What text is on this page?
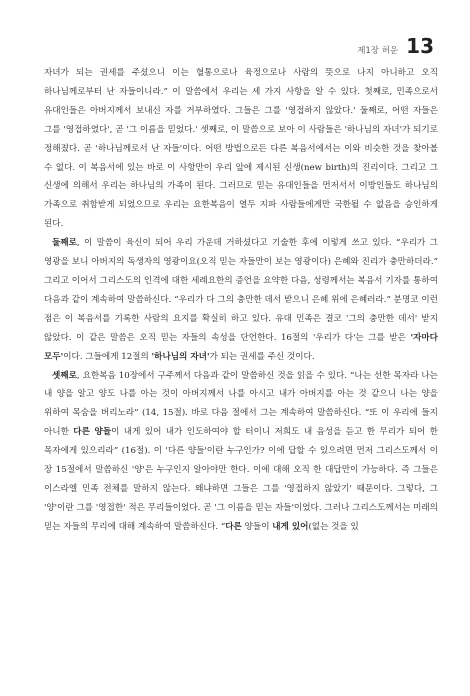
제1장 허운 13

자녀가 되는 권세를 주셨으니 이는 혈통으로나 육정으로나 사람의 뜻으로 나지 아니하고 오직 하나님께로부터 난 자들이니라.” 이 말씀에서 우리는 세 가지 사항을 알 수 있다. 첫째로, 민족으로서 유대인들은 아버지께서 보내신 자를 거부하였다. 그들은 그를 '영접하지 않았다.' 둘째로, 어떤 자들은 그를 '영접하였다', 곧 '그 이름을 믿었다.' 셋째로, 이 말씀으로 보아 이 사람들은 '하나님의 자녀'가 되기로 정해졌다. 곧 '하나님께로서 난 자들'이다. 어떤 방법으로든 다른 복음서에서는 이와 비슷한 것을 찾아볼 수 없다. 이 복음서에 있는 바로 이 사항만이 우리 앞에 제시된 신생(new birth)의 진리이다. 그리고 그 신생에 의해서 우리는 하나님의 가족이 된다. 그러므로 믿는 유대인들을 먼저서서 이방인들도 하나님의 가족으로 취함받게 되었으므로 우리는 요한복음이 열두 지파 사람들에게만 국한될 수 없음을 승인하게 된다.

둘째로, 이 말씀이 육신이 되어 우리 가운데 거하셨다고 기술한 후에 이렇게 쓰고 있다. “우리가 그 영광을 보니 아버지의 독생자의 영광이요(오직 믿는 자들만이 보는 영광이다) 은혜와 진리가 충만하더라.” 그리고 이어서 그리스도의 인격에 대한 세례요한의 증언을 요약한 다음, 성령께서는 복음서 기자를 통하여 다음과 같이 계속하여 말씀하신다. “우리가 다 그의 충만한 데서 받으니 은혜 위에 은혜러라.” 분명코 이런 점은 이 복음서를 기록한 사람의 요지를 확실히 하고 있다. 유대 민족은 결코 '그의 충만한 데서' 받지 않았다. 이 같은 말씀은 오직 믿는 자들의 속성을 단언한다. 16절의 '우리가 다'는 그를 받은 '자마다 모두'이다. 그들에게 12절의 '하나님의 자녀'가 되는 권세를 주신 것이다.

셋째로, 요한복음 10장에서 구주께서 다음과 같이 말씀하신 것을 읽을 수 있다. “나는 선한 목자라 나는 내 양을 알고 양도 나를 아는 것이 아버지께서 나를 아시고 내가 아버지를 아는 것 같으니 나는 양을 위하여 목숨을 버리노라” (14, 15절). 바로 다음 절에서 그는 계속하여 말씀하신다. “또 이 우리에 들지 아니한 다른 양들이 내게 있어 내가 인도하여야 할 터이니 저희도 내 음성을 듣고 한 무리가 되어 한 목자에게 있으리라” (16절). 이 '다른 양들'이란 누구인가? 이에 답할 수 있으려면 먼저 그리스도께서 이 장 15절에서 말씀하신 '양'은 누구인지 알아야만 한다. 이에 대해 오직 한 대답만이 가능하다. 즉 그들은 이스라엘 민족 전체를 말하지 않는다. 왜냐하면 그들은 그를 '영접하지 않았기' 때문이다. 그렇다, 그 '양'이란 그를 '영접한' 적은 무리들이었다. 곧 '그 이름을 믿는 자들'이었다. 그러나 그리스도께서는 미래의 믿는 자들의 무리에 대해 계속하여 말씀하신다. “다른 양들이 내게 있어(없는 것을 있
